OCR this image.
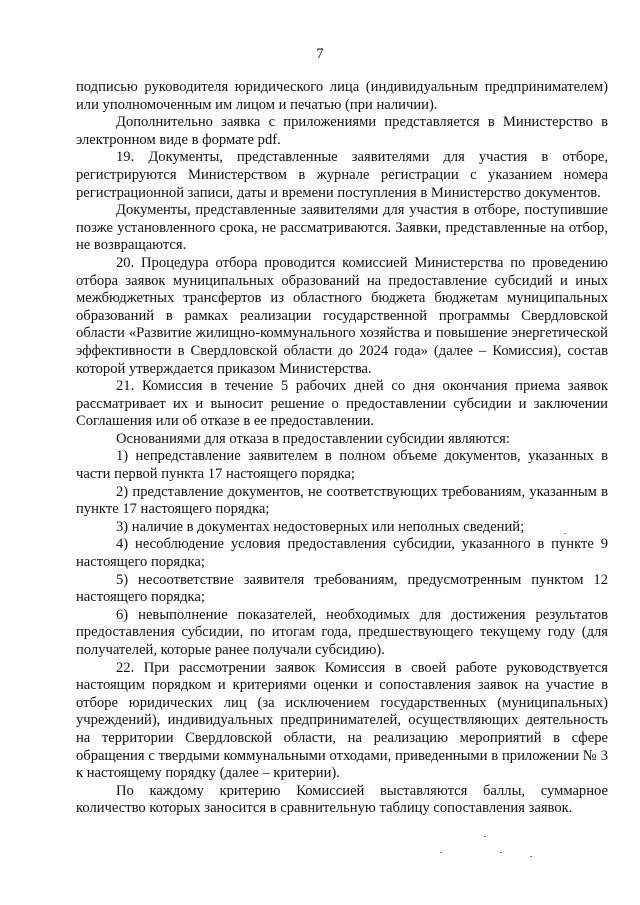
7

подписью руководителя юридического лица (индивидуальным предпринимателем) или уполномоченным им лицом и печатью (при наличии).

Дополнительно заявка с приложениями представляется в Министерство в электронном виде в формате pdf.

19. Документы, представленные заявителями для участия в отборе, регистрируются Министерством в журнале регистрации с указанием номера регистрационной записи, даты и времени поступления в Министерство документов.

Документы, представленные заявителями для участия в отборе, поступившие позже установленного срока, не рассматриваются. Заявки, представленные на отбор, не возвращаются.

20. Процедура отбора проводится комиссией Министерства по проведению отбора заявок муниципальных образований на предоставление субсидий и иных межбюджетных трансфертов из областного бюджета бюджетам муниципальных образований в рамках реализации государственной программы Свердловской области «Развитие жилищно-коммунального хозяйства и повышение энергетической эффективности в Свердловской области до 2024 года» (далее – Комиссия), состав которой утверждается приказом Министерства.

21. Комиссия в течение 5 рабочих дней со дня окончания приема заявок рассматривает их и выносит решение о предоставлении субсидии и заключении Соглашения или об отказе в ее предоставлении.

Основаниями для отказа в предоставлении субсидии являются:

1) непредставление заявителем в полном объеме документов, указанных в части первой пункта 17 настоящего порядка;

2) представление документов, не соответствующих требованиям, указанным в пункте 17 настоящего порядка;

3) наличие в документах недостоверных или неполных сведений;

4) несоблюдение условия предоставления субсидии, указанного в пункте 9 настоящего порядка;

5) несоответствие заявителя требованиям, предусмотренным пунктом 12 настоящего порядка;

6) невыполнение показателей, необходимых для достижения результатов предоставления субсидии, по итогам года, предшествующего текущему году (для получателей, которые ранее получали субсидию).

22. При рассмотрении заявок Комиссия в своей работе руководствуется настоящим порядком и критериями оценки и сопоставления заявок на участие в отборе юридических лиц (за исключением государственных (муниципальных) учреждений), индивидуальных предпринимателей, осуществляющих деятельность на территории Свердловской области, на реализацию мероприятий в сфере обращения с твердыми коммунальными отходами, приведенными в приложении № 3 к настоящему порядку (далее – критерии).

По каждому критерию Комиссией выставляются баллы, суммарное количество которых заносится в сравнительную таблицу сопоставления заявок.
